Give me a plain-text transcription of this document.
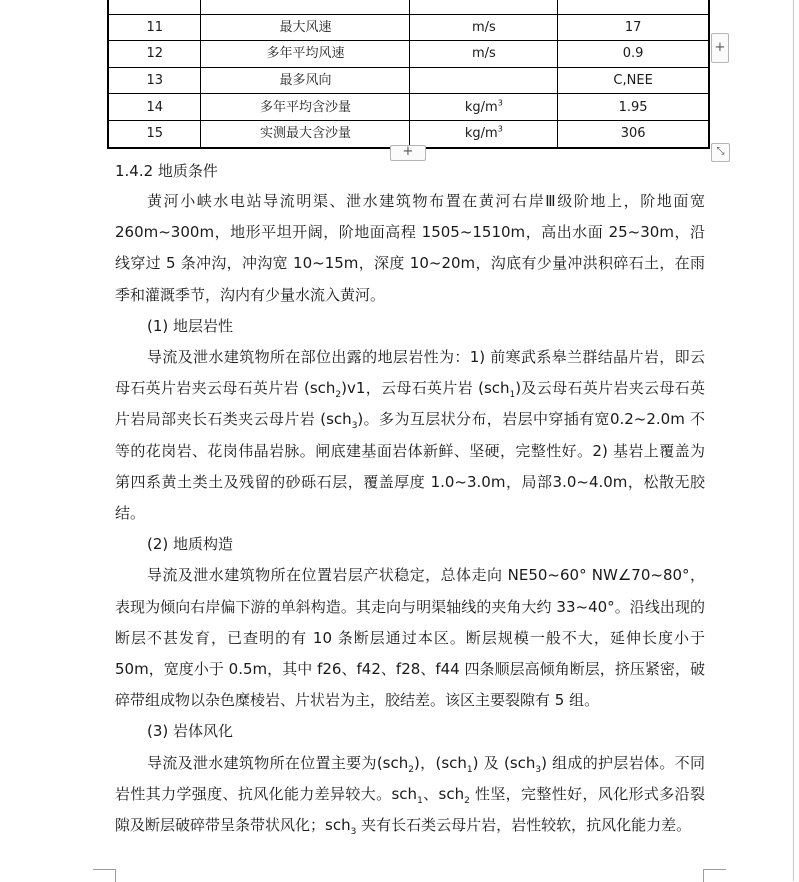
11	最大风速	m/s	17
12	多年平均风速	m/s	0.9
13	最多风向		C,NEE
14	多年平均含沙量	$kg/m^3$	1.95
15	实测最大含沙量	$kg/m^3$	306
+
+	⤡

1.4.2 地质条件

黄河小峡水电站导流明渠、泄水建筑物布置在黄河右岸Ⅲ级阶地上，阶地面宽260m~300m，地形平坦开阔，阶地面高程 1505~1510m，高出水面 25~30m，沿线穿过 5 条冲沟，冲沟宽 10~15m，深度 10~20m，沟底有少量冲洪积碎石土，在雨季和灌溉季节，沟内有少量水流入黄河。

(1) 地层岩性

导流及泄水建筑物所在部位出露的地层岩性为：1) 前寒武系皋兰群结晶片岩，即云母石英片岩夹云母石英片岩 (sch$_2$)v1，云母石英片岩 (sch$_1$)及云母石英片岩夹云母石英片岩局部夹长石类夹云母片岩 (sch$_3$)。多为互层状分布，岩层中穿插有宽0.2~2.0m 不等的花岗岩、花岗伟晶岩脉。闸底建基面岩体新鲜、坚硬，完整性好。2) 基岩上覆盖为第四系黄土类土及残留的砂砾石层，覆盖厚度 1.0~3.0m，局部3.0~4.0m，松散无胶结。

(2) 地质构造

导流及泄水建筑物所在位置岩层产状稳定，总体走向 NE50~60° NW∠70~80°，表现为倾向右岸偏下游的单斜构造。其走向与明渠轴线的夹角大约 33~40°。沿线出现的断层不甚发育，已查明的有 10 条断层通过本区。断层规模一般不大，延伸长度小于 50m，宽度小于 0.5m，其中 f26、f42、f28、f44 四条顺层高倾角断层，挤压紧密，破碎带组成物以杂色糜棱岩、片状岩为主，胶结差。该区主要裂隙有 5 组。

(3) 岩体风化

导流及泄水建筑物所在位置主要为(sch$_2$)，(sch$_1$) 及 (sch$_3$) 组成的护层岩体。不同岩性其力学强度、抗风化能力差异较大。sch$_1$、sch$_2$ 性坚，完整性好，风化形式多沿裂隙及断层破碎带呈条带状风化；sch$_3$ 夹有长石类云母片岩，岩性较软，抗风化能力差。
